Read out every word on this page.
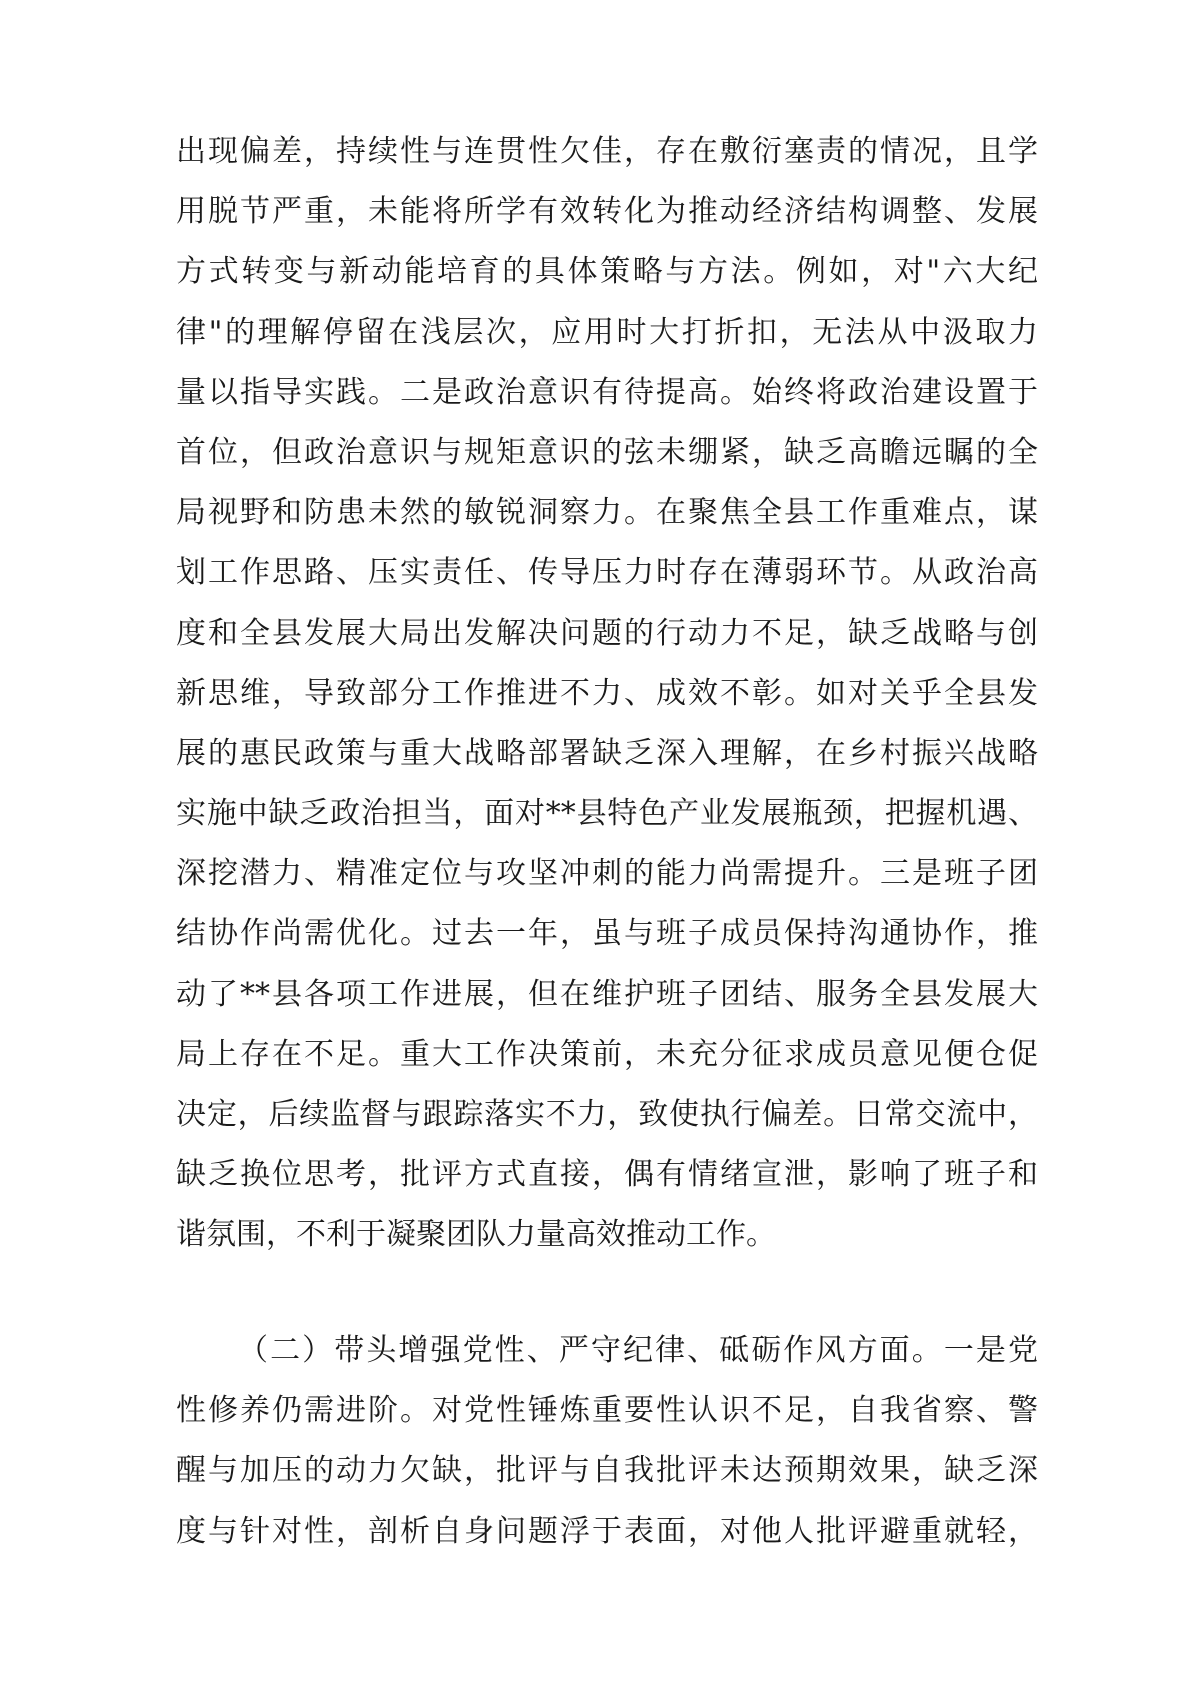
出现偏差，持续性与连贯性欠佳，存在敷衍塞责的情况，且学
用脱节严重，未能将所学有效转化为推动经济结构调整、发展
方式转变与新动能培育的具体策略与方法。例如，对"六大纪
律"的理解停留在浅层次，应用时大打折扣，无法从中汲取力
量以指导实践。二是政治意识有待提高。始终将政治建设置于
首位，但政治意识与规矩意识的弦未绷紧，缺乏高瞻远瞩的全
局视野和防患未然的敏锐洞察力。在聚焦全县工作重难点，谋
划工作思路、压实责任、传导压力时存在薄弱环节。从政治高
度和全县发展大局出发解决问题的行动力不足，缺乏战略与创
新思维，导致部分工作推进不力、成效不彰。如对关乎全县发
展的惠民政策与重大战略部署缺乏深入理解，在乡村振兴战略
实施中缺乏政治担当，面对**县特色产业发展瓶颈，把握机遇、
深挖潜力、精准定位与攻坚冲刺的能力尚需提升。三是班子团
结协作尚需优化。过去一年，虽与班子成员保持沟通协作，推
动了**县各项工作进展，但在维护班子团结、服务全县发展大
局上存在不足。重大工作决策前，未充分征求成员意见便仓促
决定，后续监督与跟踪落实不力，致使执行偏差。日常交流中，
缺乏换位思考，批评方式直接，偶有情绪宣泄，影响了班子和
谐氛围，不利于凝聚团队力量高效推动工作。
（二）带头增强党性、严守纪律、砥砺作风方面。一是党
性修养仍需进阶。对党性锤炼重要性认识不足，自我省察、警
醒与加压的动力欠缺，批评与自我批评未达预期效果，缺乏深
度与针对性，剖析自身问题浮于表面，对他人批评避重就轻，
